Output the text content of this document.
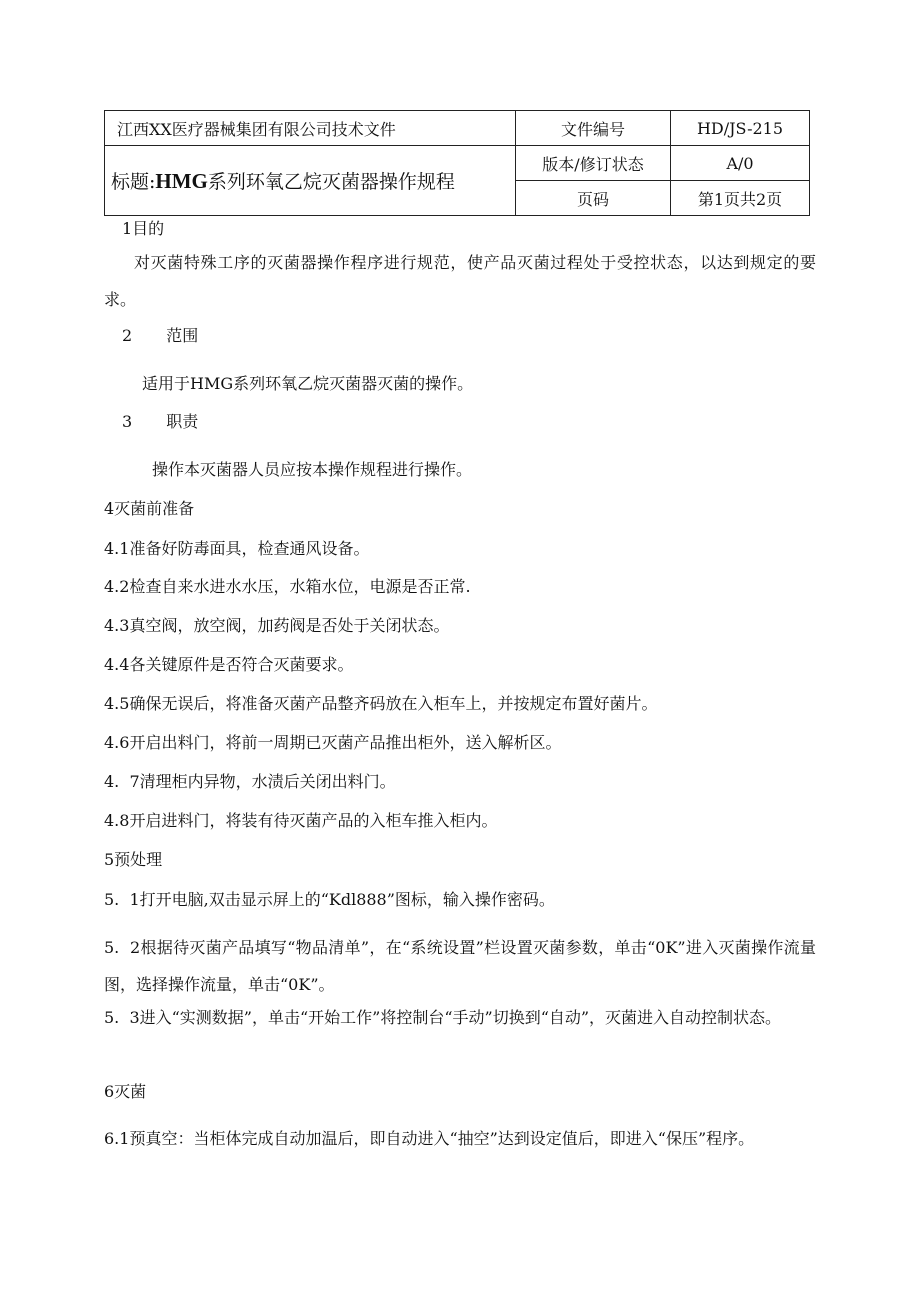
江西XX医疗器械集团有限公司技术文件	文件编号	HD/JS-215
标题:HMG系列环氧乙烷灭菌器操作规程	版本/修订状态	A/0
	页码	第1页共2页
1目的
对灭菌特殊工序的灭菌器操作程序进行规范，使产品灭菌过程处于受控状态，以达到规定的要求。
2 范围
适用于HMG系列环氧乙烷灭菌器灭菌的操作。
3 职责
操作本灭菌器人员应按本操作规程进行操作。
4灭菌前准备
4.1准备好防毒面具，检查通风设备。
4.2检查自来水进水水压，水箱水位，电源是否正常.
4.3真空阀，放空阀，加药阀是否处于关闭状态。
4.4各关键原件是否符合灭菌要求。
4.5确保无误后，将准备灭菌产品整齐码放在入柜车上，并按规定布置好菌片。
4.6开启出料门，将前一周期已灭菌产品推出柜外，送入解析区。
4.  7清理柜内异物，水渍后关闭出料门。
4.8开启进料门，将装有待灭菌产品的入柜车推入柜内。
5预处理
5.  1打开电脑,双击显示屏上的“Kdl888”图标，输入操作密码。
5.  2根据待灭菌产品填写“物品清单”，在“系统设置”栏设置灭菌参数，单击“0K”进入灭菌操作流量图，选择操作流量，单击“0K”。
5.  3进入“实测数据”，单击“开始工作”将控制台“手动”切换到“自动”，灭菌进入自动控制状态。
6灭菌
6.1预真空：当柜体完成自动加温后，即自动进入“抽空”达到设定值后，即进入“保压”程序。
